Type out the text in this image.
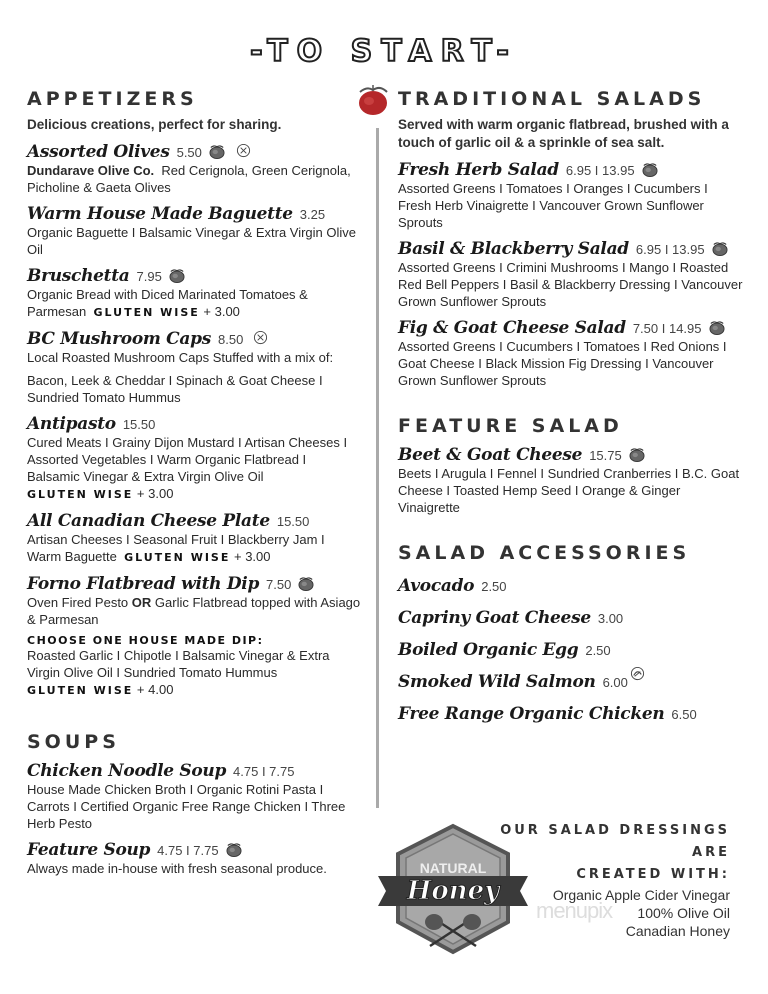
-TO START-
APPETIZERS
Delicious creations, perfect for sharing.
Assorted Olives 5.50
Dundarave Olive Co. Red Cerignola, Green Cerignola, Picholine & Gaeta Olives
Warm House Made Baguette 3.25
Organic Baguette I Balsamic Vinegar & Extra Virgin Olive Oil
Bruschetta 7.95
Organic Bread with Diced Marinated Tomatoes & Parmesan GLUTEN WISE + 3.00
BC Mushroom Caps 8.50
Local Roasted Mushroom Caps Stuffed with a mix of:
Bacon, Leek & Cheddar I Spinach & Goat Cheese I Sundried Tomato Hummus
Antipasto 15.50
Cured Meats I Grainy Dijon Mustard I Artisan Cheeses I Assorted Vegetables I Warm Organic Flatbread I Balsamic Vinegar & Extra Virgin Olive Oil
GLUTEN WISE + 3.00
All Canadian Cheese Plate 15.50
Artisan Cheeses I Seasonal Fruit I Blackberry Jam I Warm Baguette GLUTEN WISE + 3.00
Forno Flatbread with Dip 7.50
Oven Fired Pesto OR Garlic Flatbread topped with Asiago & Parmesan
CHOOSE ONE HOUSE MADE DIP:
Roasted Garlic I Chipotle I Balsamic Vinegar & Extra Virgin Olive Oil I Sundried Tomato Hummus
GLUTEN WISE + 4.00
SOUPS
Chicken Noodle Soup 4.75 I 7.75
House Made Chicken Broth I Organic Rotini Pasta I Carrots I Certified Organic Free Range Chicken I Three Herb Pesto
Feature Soup 4.75 I 7.75
Always made in-house with fresh seasonal produce.
TRADITIONAL SALADS
Served with warm organic flatbread, brushed with a touch of garlic oil & a sprinkle of sea salt.
Fresh Herb Salad 6.95 I 13.95
Assorted Greens I Tomatoes I Oranges I Cucumbers I Fresh Herb Vinaigrette I Vancouver Grown Sunflower Sprouts
Basil & Blackberry Salad 6.95 I 13.95
Assorted Greens I Crimini Mushrooms I Mango I Roasted Red Bell Peppers I Basil & Blackberry Dressing I Vancouver Grown Sunflower Sprouts
Fig & Goat Cheese Salad 7.50 I 14.95
Assorted Greens I Cucumbers I Tomatoes I Red Onions I Goat Cheese I Black Mission Fig Dressing I Vancouver Grown Sunflower Sprouts
FEATURE SALAD
Beet & Goat Cheese 15.75
Beets I Arugula I Fennel I Sundried Cranberries I B.C. Goat Cheese I Toasted Hemp Seed I Orange & Ginger Vinaigrette
SALAD ACCESSORIES
Avocado 2.50
Capriny Goat Cheese 3.00
Boiled Organic Egg 2.50
Smoked Wild Salmon 6.00
Free Range Organic Chicken 6.50
NATURAL
Honey
OUR SALAD DRESSINGS ARE
CREATED WITH:
Organic Apple Cider Vinegar
100% Olive Oil
Canadian Honey
menupix
